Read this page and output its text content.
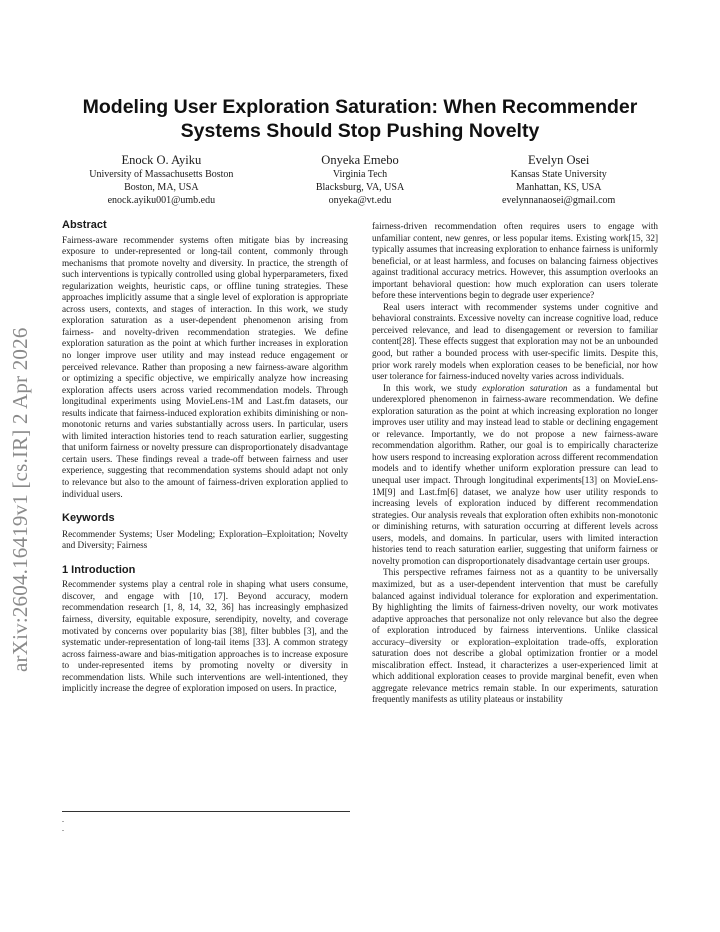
arXiv:2604.16419v1 [cs.IR] 2 Apr 2026
Modeling User Exploration Saturation: When Recommender Systems Should Stop Pushing Novelty
Enock O. Ayiku
University of Massachusetts Boston
Boston, MA, USA
enock.ayiku001@umb.edu
Onyeka Emebo
Virginia Tech
Blacksburg, VA, USA
onyeka@vt.edu
Evelyn Osei
Kansas State University
Manhattan, KS, USA
evelynnanaosei@gmail.com
Abstract

Fairness-aware recommender systems often mitigate bias by increasing exposure to under-represented or long-tail content, commonly through mechanisms that promote novelty and diversity. In practice, the strength of such interventions is typically controlled using global hyperparameters, fixed regularization weights, heuristic caps, or offline tuning strategies. These approaches implicitly assume that a single level of exploration is appropriate across users, contexts, and stages of interaction. In this work, we study exploration saturation as a user-dependent phenomenon arising from fairness- and novelty-driven recommendation strategies. We define exploration saturation as the point at which further increases in exploration no longer improve user utility and may instead reduce engagement or perceived relevance. Rather than proposing a new fairness-aware algorithm or optimizing a specific objective, we empirically analyze how increasing exploration affects users across varied recommendation models. Through longitudinal experiments using MovieLens-1M and Last.fm datasets, our results indicate that fairness-induced exploration exhibits diminishing or non-monotonic returns and varies substantially across users. In particular, users with limited interaction histories tend to reach saturation earlier, suggesting that uniform fairness or novelty pressure can disproportionately disadvantage certain users. These findings reveal a trade-off between fairness and user experience, suggesting that recommendation systems should adapt not only to relevance but also to the amount of fairness-driven exploration applied to individual users.

Keywords

Recommender Systems; User Modeling; Exploration–Exploitation; Novelty and Diversity; Fairness

1 Introduction

Recommender systems play a central role in shaping what users consume, discover, and engage with [10, 17]. Beyond accuracy, modern recommendation research [1, 8, 14, 32, 36] has increasingly emphasized fairness, diversity, equitable exposure, serendipity, novelty, and coverage motivated by concerns over popularity bias [38], filter bubbles [3], and the systematic under-representation of long-tail items [33]. A common strategy across fairness-aware and bias-mitigation approaches is to increase exposure to under-represented items by promoting novelty or diversity in recommendation lists. While such interventions are well-intentioned, they implicitly increase the degree of exploration imposed on users. In practice,

.
.

fairness-driven recommendation often requires users to engage with unfamiliar content, new genres, or less popular items. Existing work[15, 32] typically assumes that increasing exploration to enhance fairness is uniformly beneficial, or at least harmless, and focuses on balancing fairness objectives against traditional accuracy metrics. However, this assumption overlooks an important behavioral question: how much exploration can users tolerate before these interventions begin to degrade user experience?

Real users interact with recommender systems under cognitive and behavioral constraints. Excessive novelty can increase cognitive load, reduce perceived relevance, and lead to disengagement or reversion to familiar content[28]. These effects suggest that exploration may not be an unbounded good, but rather a bounded process with user-specific limits. Despite this, prior work rarely models when exploration ceases to be beneficial, nor how user tolerance for fairness-induced novelty varies across individuals.

In this work, we study exploration saturation as a fundamental but underexplored phenomenon in fairness-aware recommendation. We define exploration saturation as the point at which increasing exploration no longer improves user utility and may instead lead to stable or declining engagement or relevance. Importantly, we do not propose a new fairness-aware recommendation algorithm. Rather, our goal is to empirically characterize how users respond to increasing exploration across different recommendation models and to identify whether uniform exploration pressure can lead to unequal user impact. Through longitudinal experiments[13] on MovieLens-1M[9] and Last.fm[6] dataset, we analyze how user utility responds to increasing levels of exploration induced by different recommendation strategies. Our analysis reveals that exploration often exhibits non-monotonic or diminishing returns, with saturation occurring at different levels across users, models, and domains. In particular, users with limited interaction histories tend to reach saturation earlier, suggesting that uniform fairness or novelty promotion can disproportionately disadvantage certain user groups.

This perspective reframes fairness not as a quantity to be universally maximized, but as a user-dependent intervention that must be carefully balanced against individual tolerance for exploration and experimentation. By highlighting the limits of fairness-driven novelty, our work motivates adaptive approaches that personalize not only relevance but also the degree of exploration introduced by fairness interventions. Unlike classical accuracy–diversity or exploration–exploitation trade-offs, exploration saturation does not describe a global optimization frontier or a model miscalibration effect. Instead, it characterizes a user-experienced limit at which additional exploration ceases to provide marginal benefit, even when aggregate relevance metrics remain stable. In our experiments, saturation frequently manifests as utility plateaus or instability
